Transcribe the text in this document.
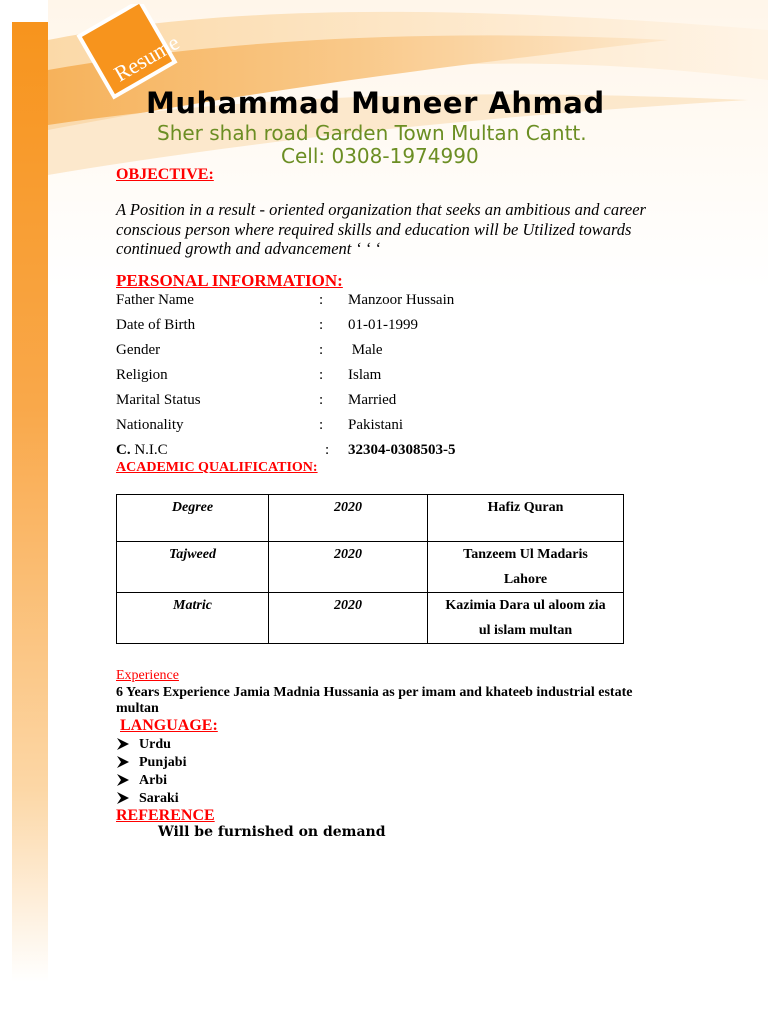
Resume
Muhammad Muneer Ahmad
Sher shah road Garden Town Multan Cantt.
Cell: 0308-1974990
OBJECTIVE:
A Position in a result - oriented organization that seeks an ambitious and career conscious person where required skills and education will be Utilized towards continued growth and advancement ‘ ‘ ‘
PERSONAL INFORMATION:
Father Name	: Manzoor Hussain
Date of Birth	: 01-01-1999
Gender	: Male
Religion	: Islam
Marital Status	: Married
Nationality	: Pakistani
C. N.I.C	: 32304-0308503-5
ACADEMIC QUALIFICATION:
Degree	2020	Hafiz Quran

Tajweed	2020	Tanzeem Ul Madaris
Lahore

Matric	2020	Kazimia Dara ul aloom zia
ul islam multan
Experience
6 Years Experience Jamia Madnia Hussania as per imam and khateeb industrial estate multan
LANGUAGE:
Urdu
Punjabi
Arbi
Saraki
REFERENCE
Will be furnished on demand
